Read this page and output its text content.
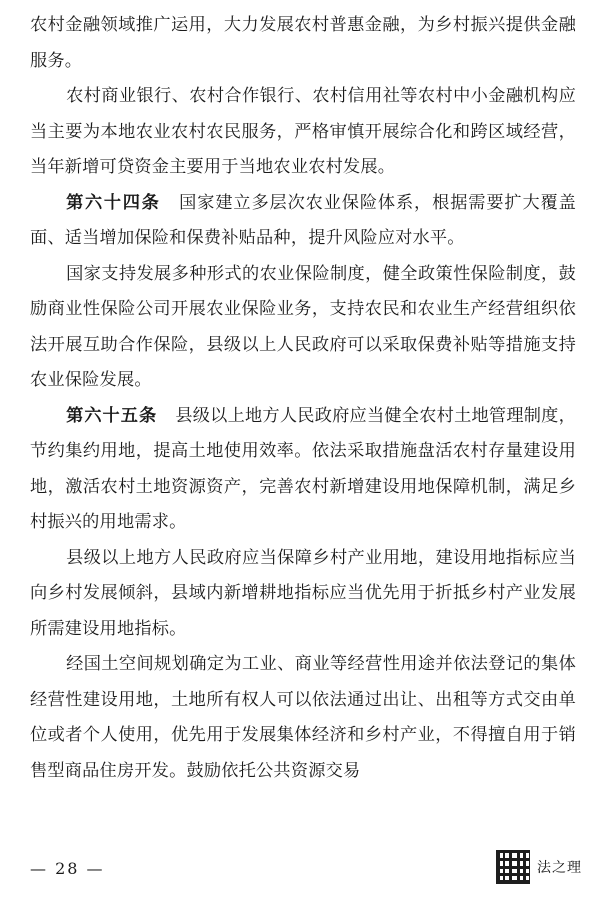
农村金融领域推广运用，大力发展农村普惠金融，为乡村振兴提供金融服务。

农村商业银行、农村合作银行、农村信用社等农村中小金融机构应当主要为本地农业农村农民服务，严格审慎开展综合化和跨区域经营，当年新增可贷资金主要用于当地农业农村发展。

第六十四条 国家建立多层次农业保险体系，根据需要扩大覆盖面、适当增加保险和保费补贴品种，提升风险应对水平。

国家支持发展多种形式的农业保险制度，健全政策性保险制度，鼓励商业性保险公司开展农业保险业务，支持农民和农业生产经营组织依法开展互助合作保险，县级以上人民政府可以采取保费补贴等措施支持农业保险发展。

第六十五条 县级以上地方人民政府应当健全农村土地管理制度，节约集约用地，提高土地使用效率。依法采取措施盘活农村存量建设用地，激活农村土地资源资产，完善农村新增建设用地保障机制，满足乡村振兴的用地需求。

县级以上地方人民政府应当保障乡村产业用地，建设用地指标应当向乡村发展倾斜，县域内新增耕地指标应当优先用于折抵乡村产业发展所需建设用地指标。

经国土空间规划确定为工业、商业等经营性用途并依法登记的集体经营性建设用地，土地所有权人可以依法通过出让、出租等方式交由单位或者个人使用，优先用于发展集体经济和乡村产业，不得擅自用于销售型商品住房开发。鼓励依托公共资源交易

— 28 —	法之理
